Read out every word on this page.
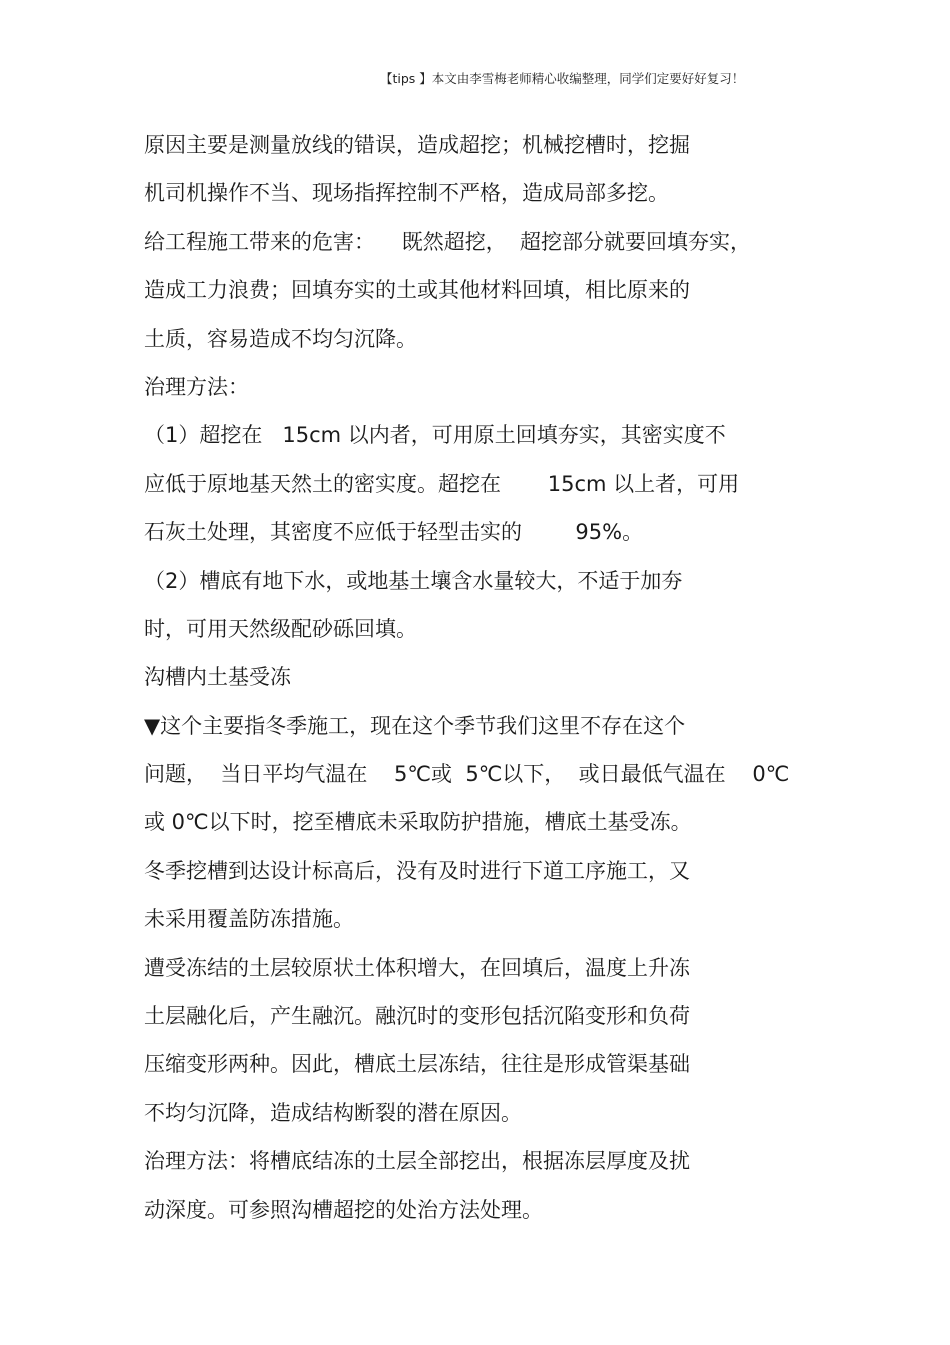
【tips 】本文由李雪梅老师精心收编整理，同学们定要好好复习！
原因主要是测量放线的错误，造成超挖；机械挖槽时，挖掘
机司机操作不当、现场指挥控制不严格，造成局部多挖。
给工程施工带来的危害：    既然超挖，  超挖部分就要回填夯实，
造成工力浪费；回填夯实的土或其他材料回填，相比原来的
土质，容易造成不均匀沉降。
治理方法：
（1）超挖在   15cm 以内者，可用原土回填夯实，其密实度不
应低于原地基天然土的密实度。超挖在       15cm 以上者，可用
石灰土处理，其密度不应低于轻型击实的        95%。
（2）槽底有地下水，或地基土壤含水量较大，不适于加夯
时，可用天然级配砂砾回填。
沟槽内土基受冻
▼这个主要指冬季施工，现在这个季节我们这里不存在这个
问题，  当日平均气温在    5℃或  5℃以下，  或日最低气温在    0℃
或 0℃以下时，挖至槽底未采取防护措施，槽底土基受冻。
冬季挖槽到达设计标高后，没有及时进行下道工序施工，又
未采用覆盖防冻措施。
遭受冻结的土层较原状土体积增大，在回填后，温度上升冻
土层融化后，产生融沉。融沉时的变形包括沉陷变形和负荷
压缩变形两种。因此，槽底土层冻结，往往是形成管渠基础
不均匀沉降，造成结构断裂的潜在原因。
治理方法：将槽底结冻的土层全部挖出，根据冻层厚度及扰
动深度。可参照沟槽超挖的处治方法处理。
